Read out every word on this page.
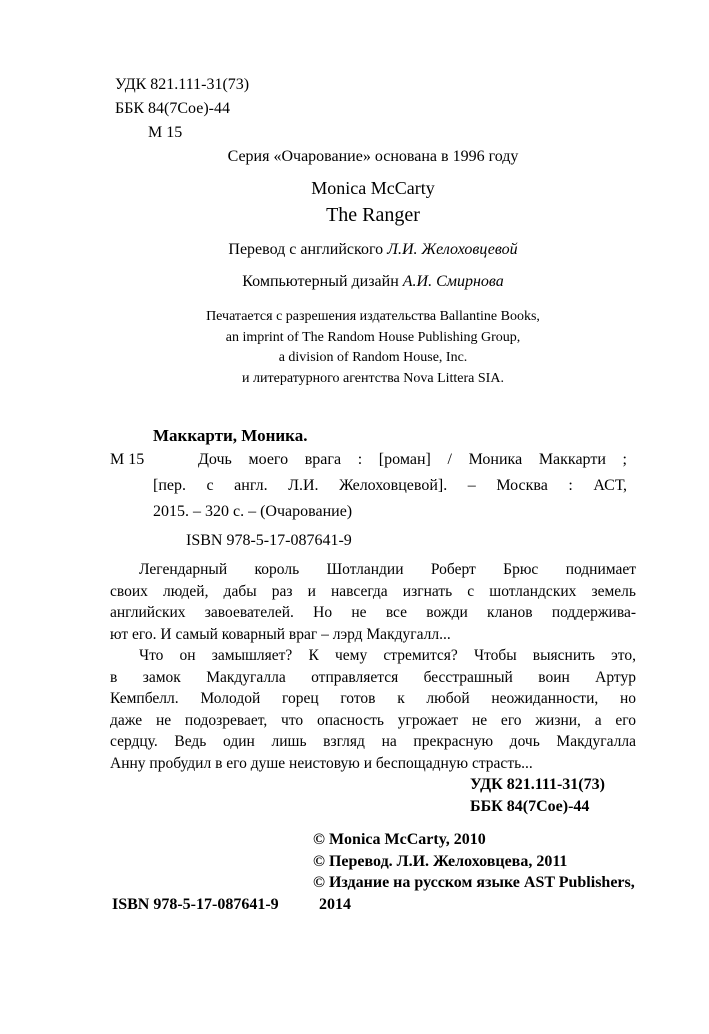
УДК 821.111-31(73)
ББК 84(7Сое)-44
М 15
Серия «Очарование» основана в 1996 году
Monica McCarty
The Ranger
Перевод с английского Л.И. Желоховцевой
Компьютерный дизайн А.И. Смирнова
Печатается с разрешения издательства Ballantine Books,
an imprint of The Random House Publishing Group,
a division of Random House, Inc.
и литературного агентства Nova Littera SIA.
Маккарти, Моника.
М 15	Дочь моего врага : [роман] / Моника Маккарти ;
[пер. с англ. Л.И. Желоховцевой]. – Москва : АСТ,
2015. – 320 с. – (Очарование)
ISBN 978-5-17-087641-9
Легендарный король Шотландии Роберт Брюс поднимает
своих людей, дабы раз и навсегда изгнать с шотландских земель
английских завоевателей. Но не все вожди кланов поддержива-
ют его. И самый коварный враг – лэрд Макдугалл...
Что он замышляет? К чему стремится? Чтобы выяснить это,
в замок Макдугалла отправляется бесстрашный воин Артур
Кемпбелл. Молодой горец готов к любой неожиданности, но
даже не подозревает, что опасность угрожает не его жизни, а его
сердцу. Ведь один лишь взгляд на прекрасную дочь Макдугалла
Анну пробудил в его душе неистовую и беспощадную страсть...
УДК 821.111-31(73)
ББК 84(7Сое)-44
© Monica McCarty, 2010
© Перевод. Л.И. Желоховцева, 2011
© Издание на русском языке AST Publishers,
2014
ISBN 978-5-17-087641-9
